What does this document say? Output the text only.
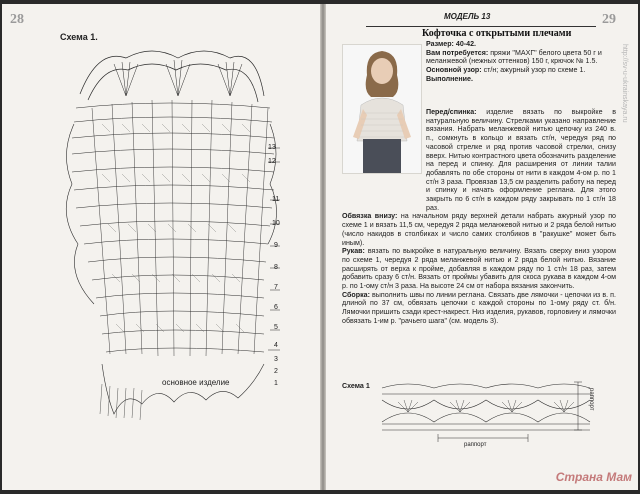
28
Схема 1.
13
12
11
10
9
8
7
6
5
4
3
2
1
основное изделие
29
МОДЕЛЬ 13
Кофточка с открытыми плечами

Размер: 40-42.

Вам потребуется: пряжи "МАХГ" белого цвета 50 г и меланжевой (нежных оттенков) 150 г, крючок № 1.5.

Основной узор: ст/н; ажурный узор по схеме 1.

Выполнение.

Перед/спинка: изделие вязать по выкройке в натуральную величину. Стрелками указано направление вязания. Набрать меланжевой нитью цепочку из 240 в. п., сомкнуть в кольцо и вязать ст/н, чередуя ряд по часовой стрелке и ряд против часовой стрелки, снизу вверх. Нитью контрастного цвета обозначить разделение на перед и спинку. Для расширения от линии талии добавлять по обе стороны от нити в каждом 4-ом р. по 1 ст/н 3 раза. Провязав 13,5 см разделить работу на перед и спинку и начать оформление реглана. Для этого закрыть по 6 ст/н в каждом ряду закрывать по 1 ст/н 18 раз.

Обвязка внизу: на начальном ряду верхней детали набрать ажурный узор по схеме 1 и вязать 11,5 см, чередуя 2 ряда меланжевой нитью и 2 ряда белой нитью (число накидов в столбиках и число самих столбиков в "ракушке" может быть иным).

Рукав: вязать по выкройке в натуральную величину. Вязать сверху вниз узором по схеме 1, чередуя 2 ряда меланжевой нитью и 2 ряда белой нитью. Вязание расширять от верха к пройме, добавляя в каждом ряду по 1 ст/н 18 раз, затем добавить сразу 6 ст/н. Вязать от проймы убавить для скоса рукава в каждом 4-ом р. по 1-ому ст/н 3 раза. На высоте 24 см от набора вязания закончить.

Сборка: выполнить швы по линии реглана. Связать две лямочки - цепочки из в. п. длиной по 37 см, обвязать цепочки с каждой стороны по 1-ому ряду ст. б/н. Лямочки пришить сзади крест-накрест. Низ изделия, рукавов, горловину и лямочки обвязать 1-им р. "рачьего шага" (см. модель 3).

Схема 1
раппорт
раппорт
http://sv-u-ukrainskaya.ru
Страна Мам
